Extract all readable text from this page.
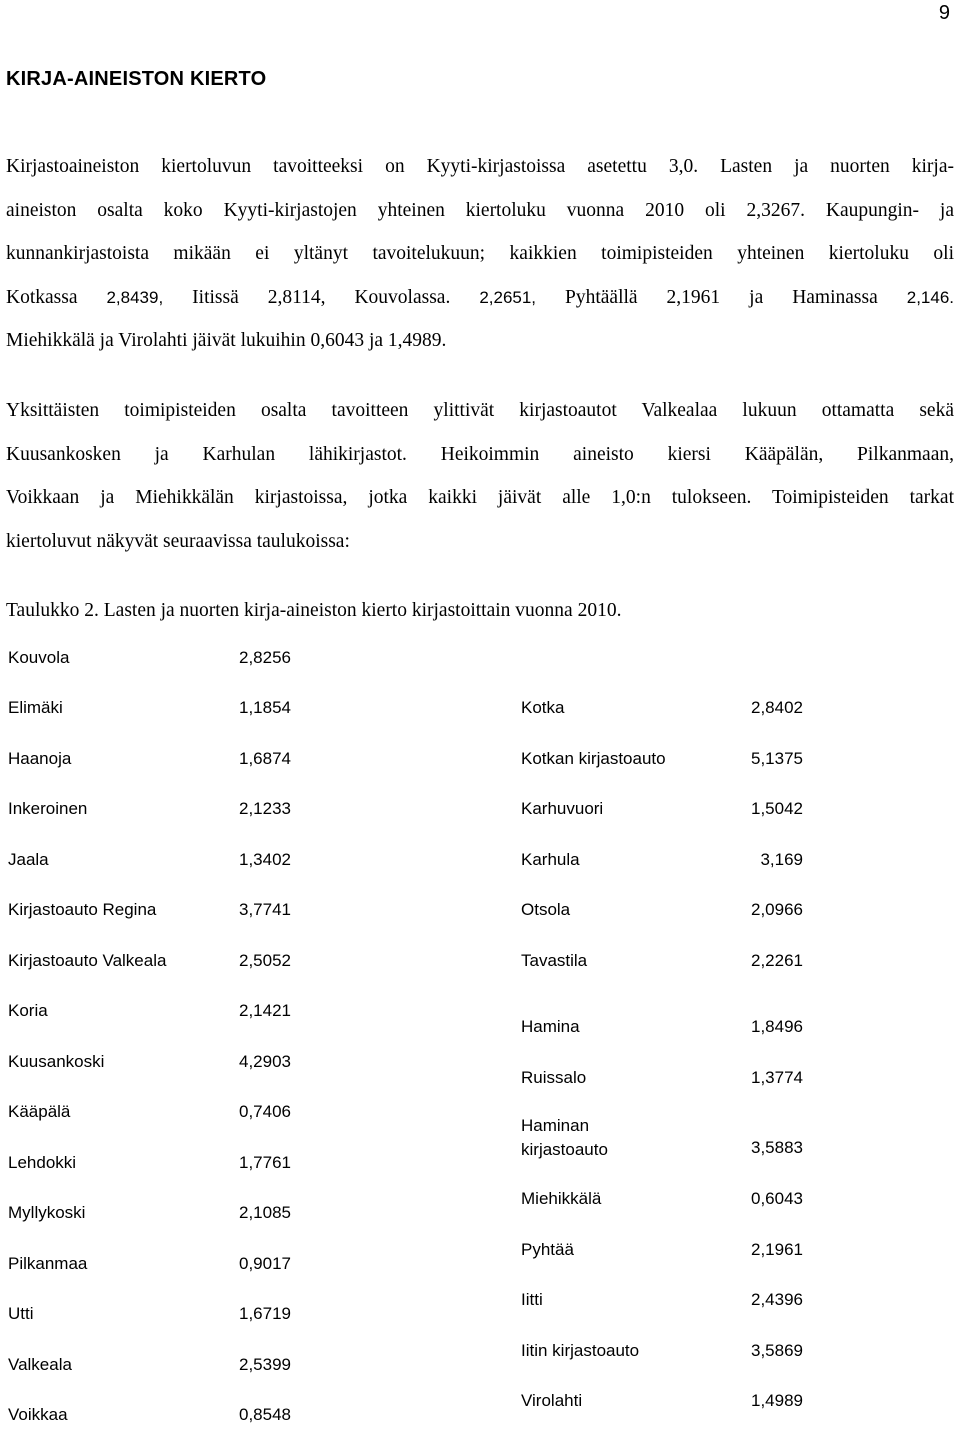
9
KIRJA-AINEISTON KIERTO
Kirjastoaineiston kiertoluvun tavoitteeksi on Kyyti-kirjastoissa asetettu 3,0. Lasten ja nuorten kirja-
aineiston osalta koko Kyyti-kirjastojen yhteinen kiertoluku vuonna 2010 oli 2,3267. Kaupungin- ja
kunnankirjastoista mikään ei yltänyt tavoitelukuun; kaikkien toimipisteiden yhteinen kiertoluku oli
Kotkassa 2,8439, Iitissä 2,8114, Kouvolassa. 2,2651, Pyhtäällä 2,1961 ja Haminassa 2,146.
Miehikkälä ja Virolahti jäivät lukuihin 0,6043 ja 1,4989.
Yksittäisten toimipisteiden osalta tavoitteen ylittivät kirjastoautot Valkealaa lukuun ottamatta sekä
Kuusankosken ja Karhulan lähikirjastot. Heikoimmin aineisto kiersi Kääpälän, Pilkanmaan,
Voikkaan ja Miehikkälän kirjastoissa, jotka kaikki jäivät alle 1,0:n tulokseen. Toimipisteiden tarkat
kiertoluvut näkyvät seuraavissa taulukoissa:
Taulukko 2. Lasten ja nuorten kirja-aineiston kierto kirjastoittain vuonna 2010.
Kouvola	2,8256
Elimäki	1,1854
Haanoja	1,6874
Inkeroinen	2,1233
Jaala	1,3402
Kirjastoauto Regina	3,7741
Kirjastoauto Valkeala	2,5052
Koria	2,1421
Kuusankoski	4,2903
Kääpälä	0,7406
Lehdokki	1,7761
Myllykoski	2,1085
Pilkanmaa	0,9017
Utti	1,6719
Valkeala	2,5399
Voikkaa	0,8548
Kotka	2,8402
Kotkan kirjastoauto	5,1375
Karhuvuori	1,5042
Karhula	3,169
Otsola	2,0966
Tavastila	2,2261
Hamina	1,8496
Ruissalo	1,3774
Haminan
kirjastoauto	3,5883
Miehikkälä	0,6043
Pyhtää	2,1961
Iitti	2,4396
Iitin kirjastoauto	3,5869
Virolahti	1,4989
